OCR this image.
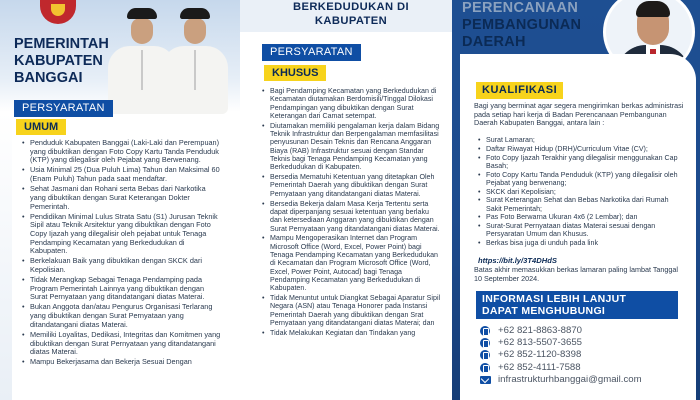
PEMERINTAH
KABUPATEN
BANGGAI
PERSYARATAN
UMUM
• Penduduk Kabupaten Banggai (Laki-Laki dan Perempuan) yang dibuktikan dengan Foto Copy Kartu Tanda Penduduk (KTP) yang dilegalisir oleh Pejabat yang Berwenang.
• Usia Minimal 25 (Dua Puluh Lima) Tahun dan Maksimal 60 (Enam Puluh) Tahun pada saat mendaftar.
• Sehat Jasmani dan Rohani serta Bebas dari Narkotika yang dibuktikan dengan Surat Keterangan Dokter Pemerintah.
• Pendidikan Minimal Lulus Strata Satu (S1) Jurusan Teknik Sipil atau Teknik Arsitektur yang dibuktikan dengan Foto Copy Ijazah yang dilegalisir oleh pejabat untuk Tenaga Pendamping Kecamatan yang Berkedudukan di Kabupaten.
• Berkelakuan Baik yang dibuktikan dengan SKCK dari Kepolisian.
• Tidak Merangkap Sebagai Tenaga Pendamping pada Program Pemerintah Lainnya yang dibuktikan dengan Surat Pernyataan yang ditandatangani diatas Materai.
• Bukan Anggota dan/atau Pengurus Organisasi Terlarang yang dibuktikan dengan Surat Pernyataan yang ditandatangani diatas Materai.
• Memiliki Loyalitas, Dedikasi, Integritas dan Komitmen yang dibuktikan dengan Surat Pernyataan yang ditandatangani diatas Materai.
• Mampu Bekerjasama dan Bekerja Sesuai Dengan
BERKEDUDUKAN DI
KABUPATEN
PERSYARATAN
KHUSUS
• Bagi Pendamping Kecamatan yang Berkedudukan di Kecamatan diutamakan Berdomisili/Tinggal Dilokasi Pendampingan yang dibuktikan dengan Surat Keterangan dari Camat setempat.
• Diutamakan memiliki pengalaman kerja dalam Bidang Teknik Infrastruktur dan Berpengalaman memfasilitasi penyusunan Desain Teknis dan Rencana Anggaran Biaya (RAB) Infrastruktur sesuai dengan Standar Teknis bagi Tenaga Pendamping Kecamatan yang Berkedudukan di Kabupaten.
• Bersedia Mematuhi Ketentuan yang ditetapkan Oleh Pemerintah Daerah yang dibuktikan dengan Surat Pernyataan yang ditandatangani diatas Materai.
• Bersedia Bekerja dalam Masa Kerja Tertentu serta dapat diperpanjang sesuai ketentuan yang berlaku dan ketersediaan Anggaran yang dibuktikan dengan Surat Pernyataan yang ditandatangani diatas Materai.
• Mampu Mengoperasikan Internet dan Program Microsoft Office (Word, Excel, Power Point) bagi Tenaga Pendamping Kecamatan yang Berkedudukan di Kecamatan dan Program Microsoft Office (Word, Excel, Power Point, Autocad) bagi Tenaga Pendamping Kecamatan yang Berkedudukan di Kabupaten.
• Tidak Menuntut untuk Diangkat Sebagai Aparatur Sipil Negara (ASN) atau Tenaga Honorer pada Instansi Pemerintah Daerah yang dibuktikan dengan Srat Pernyataan yang ditandatangani diatas Materai; dan
• Tidak Melakukan Kegiatan dan Tindakan yang
PERENCANAAN
PEMBANGUNAN
DAERAH
KUALIFIKASI

Bagi yang berminat agar segera mengirimkan berkas administrasi pada setiap hari kerja di Badan Perencanaan Pembangunan Daerah Kabupaten Banggai, antara lain :

• Surat Lamaran;
• Daftar Riwayat Hidup (DRH)/Curriculum Vitae (CV);
• Foto Copy Ijazah Terakhir yang dilegalisir menggunakan Cap Basah;
• Foto Copy Kartu Tanda Penduduk (KTP) yang dilegalisir oleh Pejabat yang berwenang;
• SKCK dari Kepolisian;
• Surat Keterangan Sehat dan Bebas Narkotika dari Rumah Sakit Pemerintah;
• Pas Foto Berwarna Ukuran 4x6 (2 Lembar); dan
• Surat-Surat Pernyataan diatas Materai sesuai dengan Persyaratan Umum dan Khusus.
• Berkas bisa juga di unduh pada link
https://bit.ly/3T4DHdS

Batas akhir memasukkan berkas lamaran paling lambat Tanggal 10 September 2024.

INFORMASI LEBIH LANJUT
DAPAT MENGHUBUNGI
+62 821-8863-8870
+62 813-5507-3655
+62 852-1120-8398
+62 852-4111-7588
infrastrukturhbanggai@gmail.com
